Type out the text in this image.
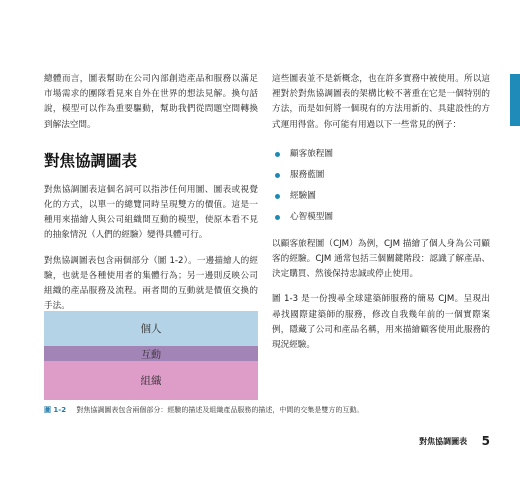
總體而言，圖表幫助在公司內部創造產品和服務以滿足市場需求的團隊看見來自外在世界的想法見解。換句話說，模型可以作為重要驅動，幫助我們從問題空間轉換到解法空間。

對焦協調圖表

對焦協調圖表這個名詞可以指涉任何用圖、圖表或視覺化的方式，以單一的總覽同時呈現雙方的價值。這是一種用來描繪人與公司組織間互動的模型，使原本看不見的抽象情況（人們的經驗）變得具體可行。

對焦協調圖表包含兩個部分（圖 1-2）。一邊描繪人的經驗，也就是各種使用者的集體行為；另一邊則反映公司組織的產品服務及流程。兩者間的互動就是價值交換的手法。

這些圖表並不是新概念，也在許多實務中被使用。所以這裡對於對焦協調圖表的架構比較不著重在它是一個特別的方法，而是如何將一個現有的方法用新的、具建設性的方式運用得當。你可能有用過以下一些常見的例子：

顧客旅程圖
服務藍圖
經驗圖
心智模型圖

以顧客旅程圖（CJM）為例，CJM 描繪了個人身為公司顧客的經驗。CJM 通常包括三個關鍵階段：認識了解產品、決定購買、然後保持忠誠或停止使用。

圖 1-3 是一份搜尋全球建築師服務的簡易 CJM。呈現出尋找國際建築師的服務，修改自我幾年前的一個實際案例，隱藏了公司和產品名稱，用來描繪顧客使用此服務的現況經驗。

個人
互動
組織
圖 1-2 對焦協調圖表包含兩個部分：經驗的描述及組織產品服務的描述，中間的交集是雙方的互動。
對焦協調圖表 5
